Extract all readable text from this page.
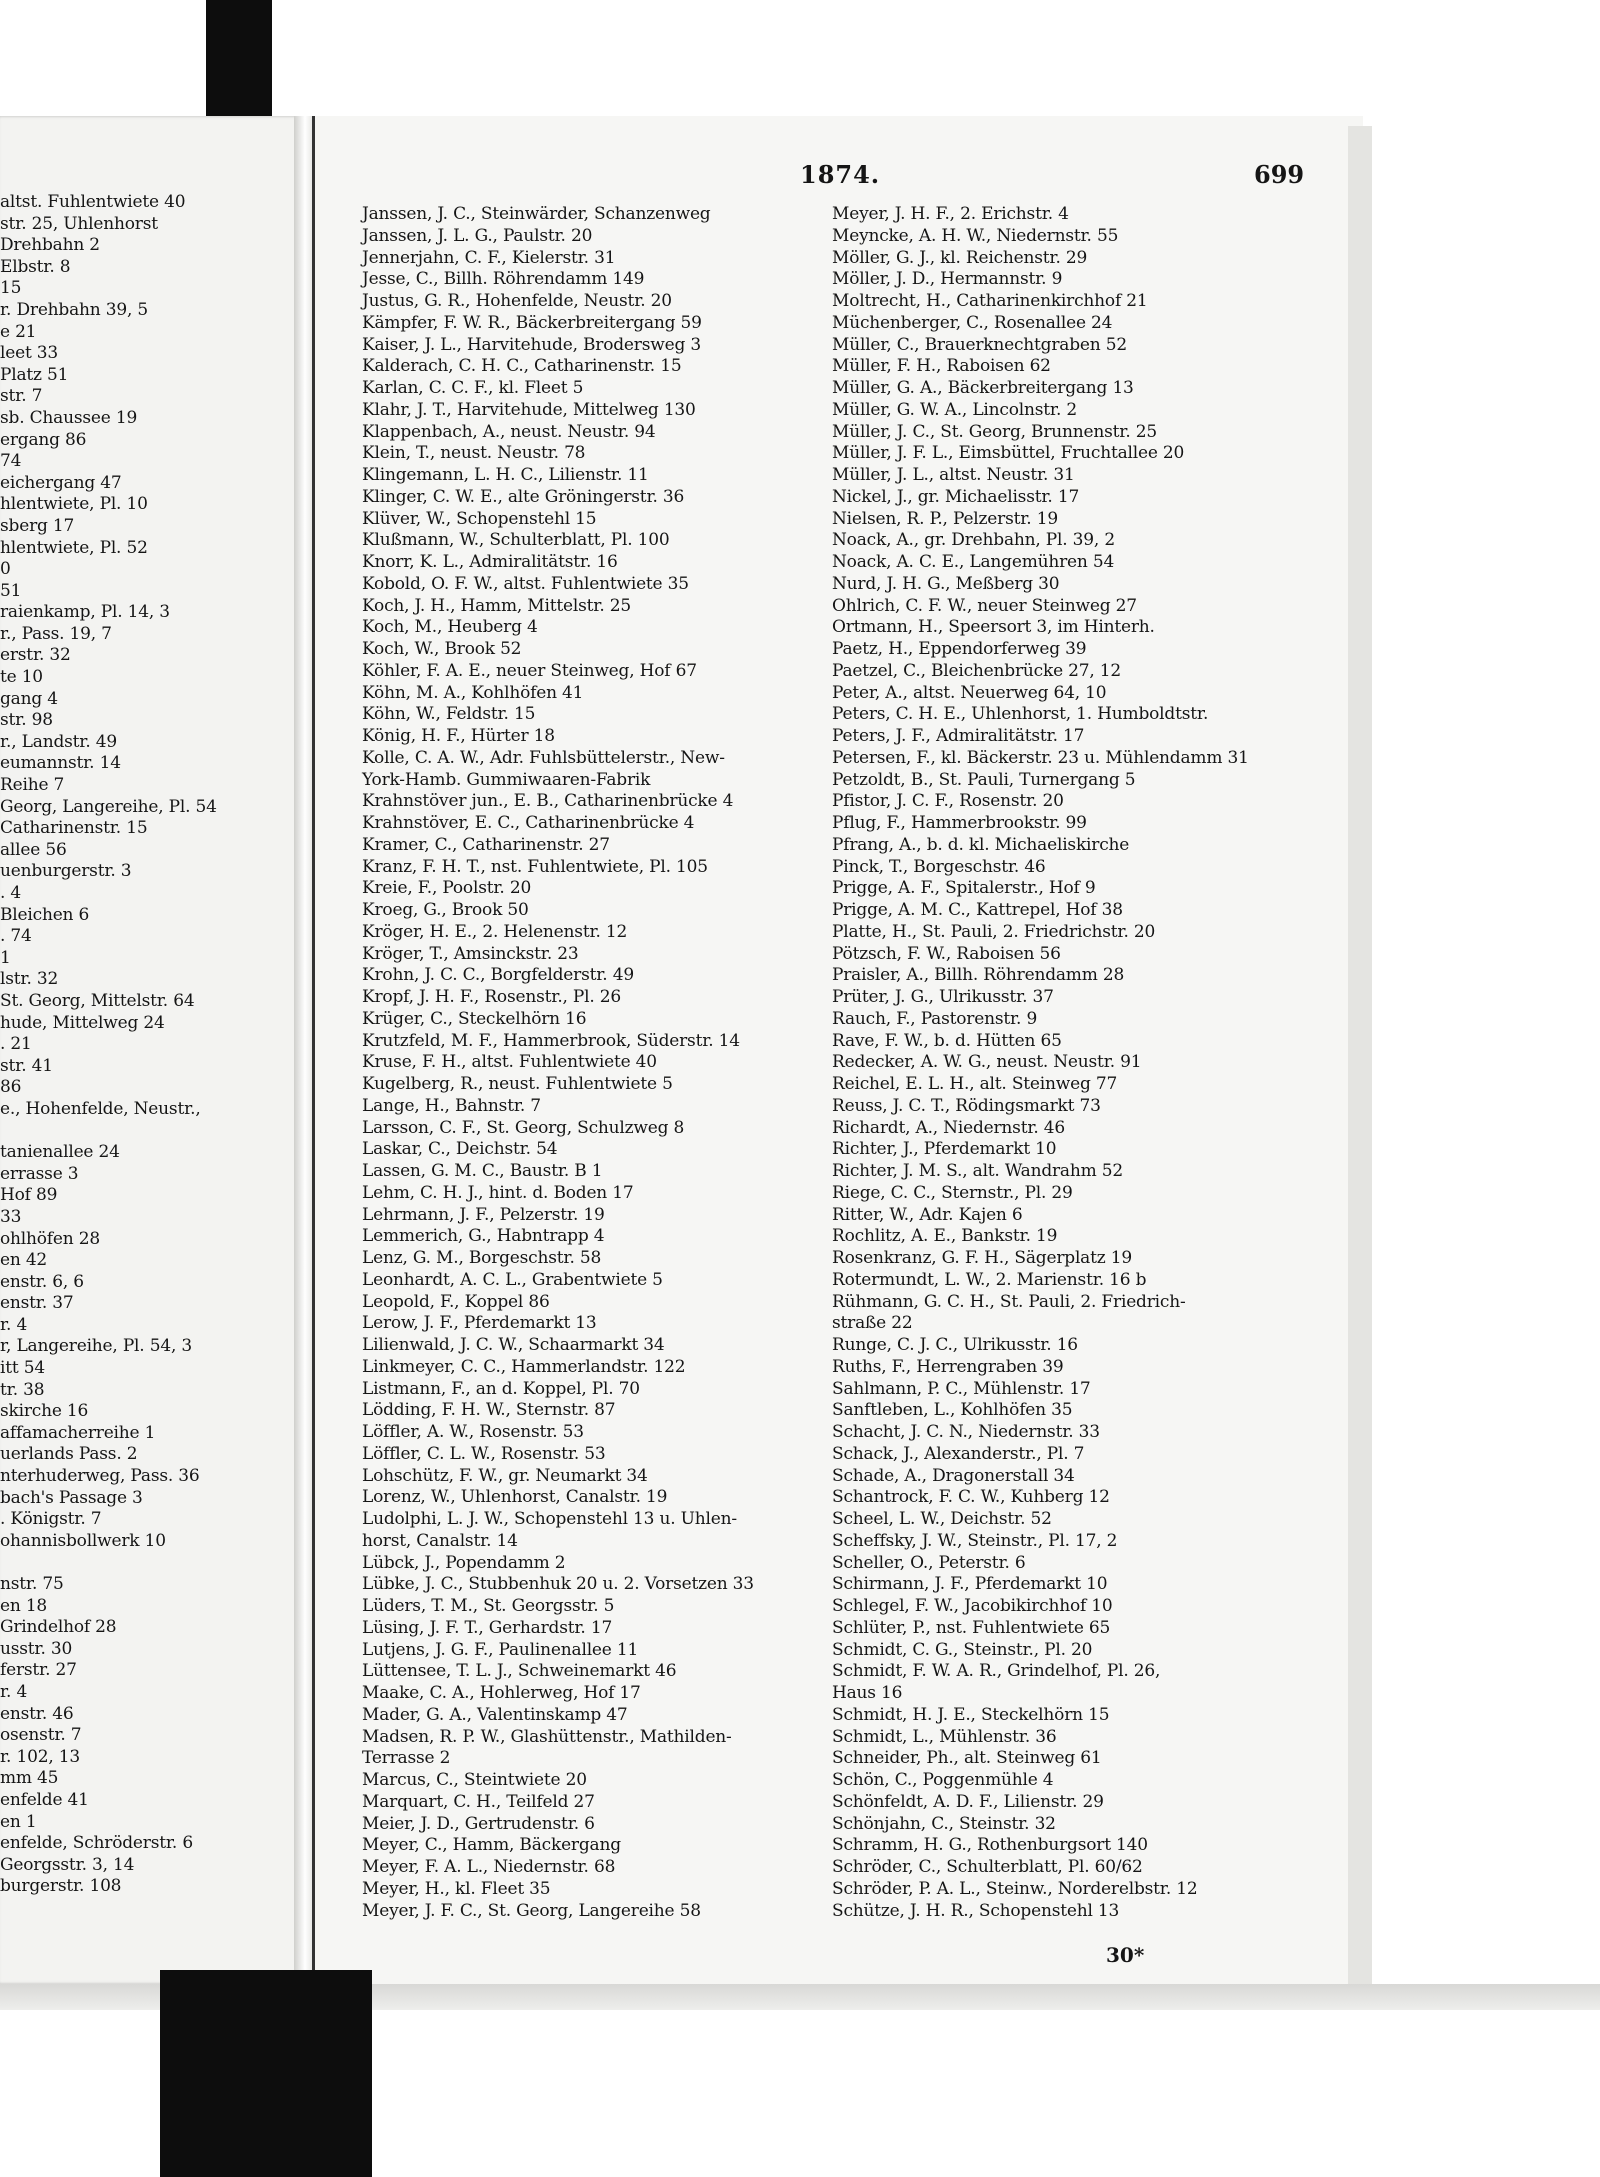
1874.	699
altst. Fuhlentwiete 40
str. 25, Uhlenhorst
Drehbahn 2
Elbstr. 8
15
r. Drehbahn 39, 5
e 21
leet 33
Platz 51
str. 7
sb. Chaussee 19
ergang 86
74
eichergang 47
hlentwiete, Pl. 10
sberg 17
hlentwiete, Pl. 52
0
51
raienkamp, Pl. 14, 3
r., Pass. 19, 7
erstr. 32
te 10
gang 4
str. 98
r., Landstr. 49
eumannstr. 14
Reihe 7
Georg, Langereihe, Pl. 54
Catharinenstr. 15
allee 56
uenburgerstr. 3
. 4
Bleichen 6
. 74
1
lstr. 32
St. Georg, Mittelstr. 64
hude, Mittelweg 24
. 21
str. 41
86
e., Hohenfelde, Neustr.,
tanienallee 24
errasse 3
Hof 89
33
ohlhöfen 28
en 42
enstr. 6, 6
enstr. 37
r. 4
r, Langereihe, Pl. 54, 3
itt 54
tr. 38
skirche 16
affamacherreihe 1
uerlands Pass. 2
nterhuderweg, Pass. 36
bach's Passage 3
. Königstr. 7
ohannisbollwerk 10
nstr. 75
en 18
Grindelhof 28
usstr. 30
ferstr. 27
r. 4
enstr. 46
osenstr. 7
r. 102, 13
mm 45
enfelde 41
en 1
enfelde, Schröderstr. 6
Georgsstr. 3, 14
burgerstr. 108
Janssen, J. C., Steinwärder, Schanzenweg
Janssen, J. L. G., Paulstr. 20
Jennerjahn, C. F., Kielerstr. 31
Jesse, C., Billh. Röhrendamm 149
Justus, G. R., Hohenfelde, Neustr. 20
Kämpfer, F. W. R., Bäckerbreitergang 59
Kaiser, J. L., Harvitehude, Brodersweg 3
Kalderach, C. H. C., Catharinenstr. 15
Karlan, C. C. F., kl. Fleet 5
Klahr, J. T., Harvitehude, Mittelweg 130
Klappenbach, A., neust. Neustr. 94
Klein, T., neust. Neustr. 78
Klingemann, L. H. C., Lilienstr. 11
Klinger, C. W. E., alte Gröningerstr. 36
Klüver, W., Schopenstehl 15
Klußmann, W., Schulterblatt, Pl. 100
Knorr, K. L., Admiralitätstr. 16
Kobold, O. F. W., altst. Fuhlentwiete 35
Koch, J. H., Hamm, Mittelstr. 25
Koch, M., Heuberg 4
Koch, W., Brook 52
Köhler, F. A. E., neuer Steinweg, Hof 67
Köhn, M. A., Kohlhöfen 41
Köhn, W., Feldstr. 15
König, H. F., Hürter 18
Kolle, C. A. W., Adr. Fuhlsbüttelerstr., New-
York-Hamb. Gummiwaaren-Fabrik
Krahnstöver jun., E. B., Catharinenbrücke 4
Krahnstöver, E. C., Catharinenbrücke 4
Kramer, C., Catharinenstr. 27
Kranz, F. H. T., nst. Fuhlentwiete, Pl. 105
Kreie, F., Poolstr. 20
Kroeg, G., Brook 50
Kröger, H. E., 2. Helenenstr. 12
Kröger, T., Amsinckstr. 23
Krohn, J. C. C., Borgfelderstr. 49
Kropf, J. H. F., Rosenstr., Pl. 26
Krüger, C., Steckelhörn 16
Krutzfeld, M. F., Hammerbrook, Süderstr. 14
Kruse, F. H., altst. Fuhlentwiete 40
Kugelberg, R., neust. Fuhlentwiete 5
Lange, H., Bahnstr. 7
Larsson, C. F., St. Georg, Schulzweg 8
Laskar, C., Deichstr. 54
Lassen, G. M. C., Baustr. B 1
Lehm, C. H. J., hint. d. Boden 17
Lehrmann, J. F., Pelzerstr. 19
Lemmerich, G., Habntrapp 4
Lenz, G. M., Borgeschstr. 58
Leonhardt, A. C. L., Grabentwiete 5
Leopold, F., Koppel 86
Lerow, J. F., Pferdemarkt 13
Lilienwald, J. C. W., Schaarmarkt 34
Linkmeyer, C. C., Hammerlandstr. 122
Listmann, F., an d. Koppel, Pl. 70
Lödding, F. H. W., Sternstr. 87
Löffler, A. W., Rosenstr. 53
Löffler, C. L. W., Rosenstr. 53
Lohschütz, F. W., gr. Neumarkt 34
Lorenz, W., Uhlenhorst, Canalstr. 19
Ludolphi, L. J. W., Schopenstehl 13 u. Uhlen-
horst, Canalstr. 14
Lübck, J., Popendamm 2
Lübke, J. C., Stubbenhuk 20 u. 2. Vorsetzen 33
Lüders, T. M., St. Georgsstr. 5
Lüsing, J. F. T., Gerhardstr. 17
Lutjens, J. G. F., Paulinenallee 11
Lüttensee, T. L. J., Schweinemarkt 46
Maake, C. A., Hohlerweg, Hof 17
Mader, G. A., Valentinskamp 47
Madsen, R. P. W., Glashüttenstr., Mathilden-
Terrasse 2
Marcus, C., Steintwiete 20
Marquart, C. H., Teilfeld 27
Meier, J. D., Gertrudenstr. 6
Meyer, C., Hamm, Bäckergang
Meyer, F. A. L., Niedernstr. 68
Meyer, H., kl. Fleet 35
Meyer, J. F. C., St. Georg, Langereihe 58
Meyer, J. H. F., 2. Erichstr. 4
Meyncke, A. H. W., Niedernstr. 55
Möller, G. J., kl. Reichenstr. 29
Möller, J. D., Hermannstr. 9
Moltrecht, H., Catharinenkirchhof 21
Müchenberger, C., Rosenallee 24
Müller, C., Brauerknechtgraben 52
Müller, F. H., Raboisen 62
Müller, G. A., Bäckerbreitergang 13
Müller, G. W. A., Lincolnstr. 2
Müller, J. C., St. Georg, Brunnenstr. 25
Müller, J. F. L., Eimsbüttel, Fruchtallee 20
Müller, J. L., altst. Neustr. 31
Nickel, J., gr. Michaelisstr. 17
Nielsen, R. P., Pelzerstr. 19
Noack, A., gr. Drehbahn, Pl. 39, 2
Noack, A. C. E., Langemühren 54
Nurd, J. H. G., Meßberg 30
Ohlrich, C. F. W., neuer Steinweg 27
Ortmann, H., Speersort 3, im Hinterh.
Paetz, H., Eppendorferweg 39
Paetzel, C., Bleichenbrücke 27, 12
Peter, A., altst. Neuerweg 64, 10
Peters, C. H. E., Uhlenhorst, 1. Humboldtstr.
Peters, J. F., Admiralitätstr. 17
Petersen, F., kl. Bäckerstr. 23 u. Mühlendamm 31
Petzoldt, B., St. Pauli, Turnergang 5
Pfistor, J. C. F., Rosenstr. 20
Pflug, F., Hammerbrookstr. 99
Pfrang, A., b. d. kl. Michaeliskirche
Pinck, T., Borgeschstr. 46
Prigge, A. F., Spitalerstr., Hof 9
Prigge, A. M. C., Kattrepel, Hof 38
Platte, H., St. Pauli, 2. Friedrichstr. 20
Pötzsch, F. W., Raboisen 56
Praisler, A., Billh. Röhrendamm 28
Prüter, J. G., Ulrikusstr. 37
Rauch, F., Pastorenstr. 9
Rave, F. W., b. d. Hütten 65
Redecker, A. W. G., neust. Neustr. 91
Reichel, E. L. H., alt. Steinweg 77
Reuss, J. C. T., Rödingsmarkt 73
Richardt, A., Niedernstr. 46
Richter, J., Pferdemarkt 10
Richter, J. M. S., alt. Wandrahm 52
Riege, C. C., Sternstr., Pl. 29
Ritter, W., Adr. Kajen 6
Rochlitz, A. E., Bankstr. 19
Rosenkranz, G. F. H., Sägerplatz 19
Rotermundt, L. W., 2. Marienstr. 16 b
Rühmann, G. C. H., St. Pauli, 2. Friedrich-
straße 22
Runge, C. J. C., Ulrikusstr. 16
Ruths, F., Herrengraben 39
Sahlmann, P. C., Mühlenstr. 17
Sanftleben, L., Kohlhöfen 35
Schacht, J. C. N., Niedernstr. 33
Schack, J., Alexanderstr., Pl. 7
Schade, A., Dragonerstall 34
Schantrock, F. C. W., Kuhberg 12
Scheel, L. W., Deichstr. 52
Scheffsky, J. W., Steinstr., Pl. 17, 2
Scheller, O., Peterstr. 6
Schirmann, J. F., Pferdemarkt 10
Schlegel, F. W., Jacobikirchhof 10
Schlüter, P., nst. Fuhlentwiete 65
Schmidt, C. G., Steinstr., Pl. 20
Schmidt, F. W. A. R., Grindelhof, Pl. 26,
Haus 16
Schmidt, H. J. E., Steckelhörn 15
Schmidt, L., Mühlenstr. 36
Schneider, Ph., alt. Steinweg 61
Schön, C., Poggenmühle 4
Schönfeldt, A. D. F., Lilienstr. 29
Schönjahn, C., Steinstr. 32
Schramm, H. G., Rothenburgsort 140
Schröder, C., Schulterblatt, Pl. 60/62
Schröder, P. A. L., Steinw., Norderelbstr. 12
Schütze, J. H. R., Schopenstehl 13
30*
